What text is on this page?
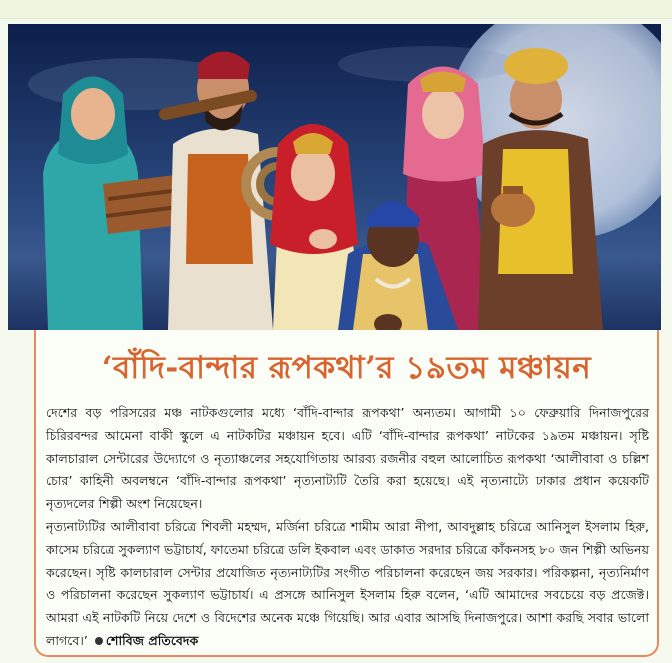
‘বাঁদি-বান্দার রূপকথা’র ১৯তম মঞ্চায়ন

দেশের বড় পরিসরের মঞ্চ নাটকগুলোর মধ্যে ‘বাঁদি-বান্দার রূপকথা’ অন্যতম। আগামী ১০ ফেব্রুয়ারি দিনাজপুরের চিরিরবন্দর আমেনা বাকী স্কুলে এ নাটকটির মঞ্চায়ন হবে। এটি ‘বাঁদি-বান্দার রূপকথা’ নাটকের ১৯তম মঞ্চায়ন। সৃষ্টি কালচারাল সেন্টারের উদ্যোগে ও নৃত্যাঞ্চলের সহযোগিতায় আরব্য রজনীর বহুল আলোচিত রূপকথা ‘আলীবাবা ও চল্লিশ চোর’ কাহিনী অবলম্বনে ‘বাঁদি-বান্দার রূপকথা’ নৃত্যনাট্যটি তৈরি করা হয়েছে। এই নৃত্যনাট্যে ঢাকার প্রধান কয়েকটি নৃত্যদলের শিল্পী অংশ নিয়েছেন।

নৃত্যনাট্যটির আলীবাবা চরিত্রে শিবলী মহম্মদ, মর্জিনা চরিত্রে শামীম আরা নীপা, আবদুল্লাহ চরিত্রে আনিসুল ইসলাম হিরু, কাসেম চরিত্রে সুকল্যাণ ভট্টাচার্য, ফাতেমা চরিত্রে ডলি ইকবাল এবং ডাকাত সরদার চরিত্রে কাঁকনসহ ৮০ জন শিল্পী অভিনয় করেছেন। সৃষ্টি কালচারাল সেন্টার প্রযোজিত নৃত্যনাট্যটির সংগীত পরিচালনা করেছেন জয় সরকার। পরিকল্পনা, নৃত্যনির্মাণ ও পরিচালনা করেছেন সুকল্যাণ ভট্টাচার্য। এ প্রসঙ্গে আনিসুল ইসলাম হিরু বলেন, ‘এটি আমাদের সবচেয়ে বড় প্রজেক্ট। আমরা এই নাটকটি নিয়ে দেশে ও বিদেশের অনেক মঞ্চে গিয়েছি। আর এবার আসছি দিনাজপুরে। আশা করছি সবার ভালো লাগবে।’ শোবিজ প্রতিবেদক
